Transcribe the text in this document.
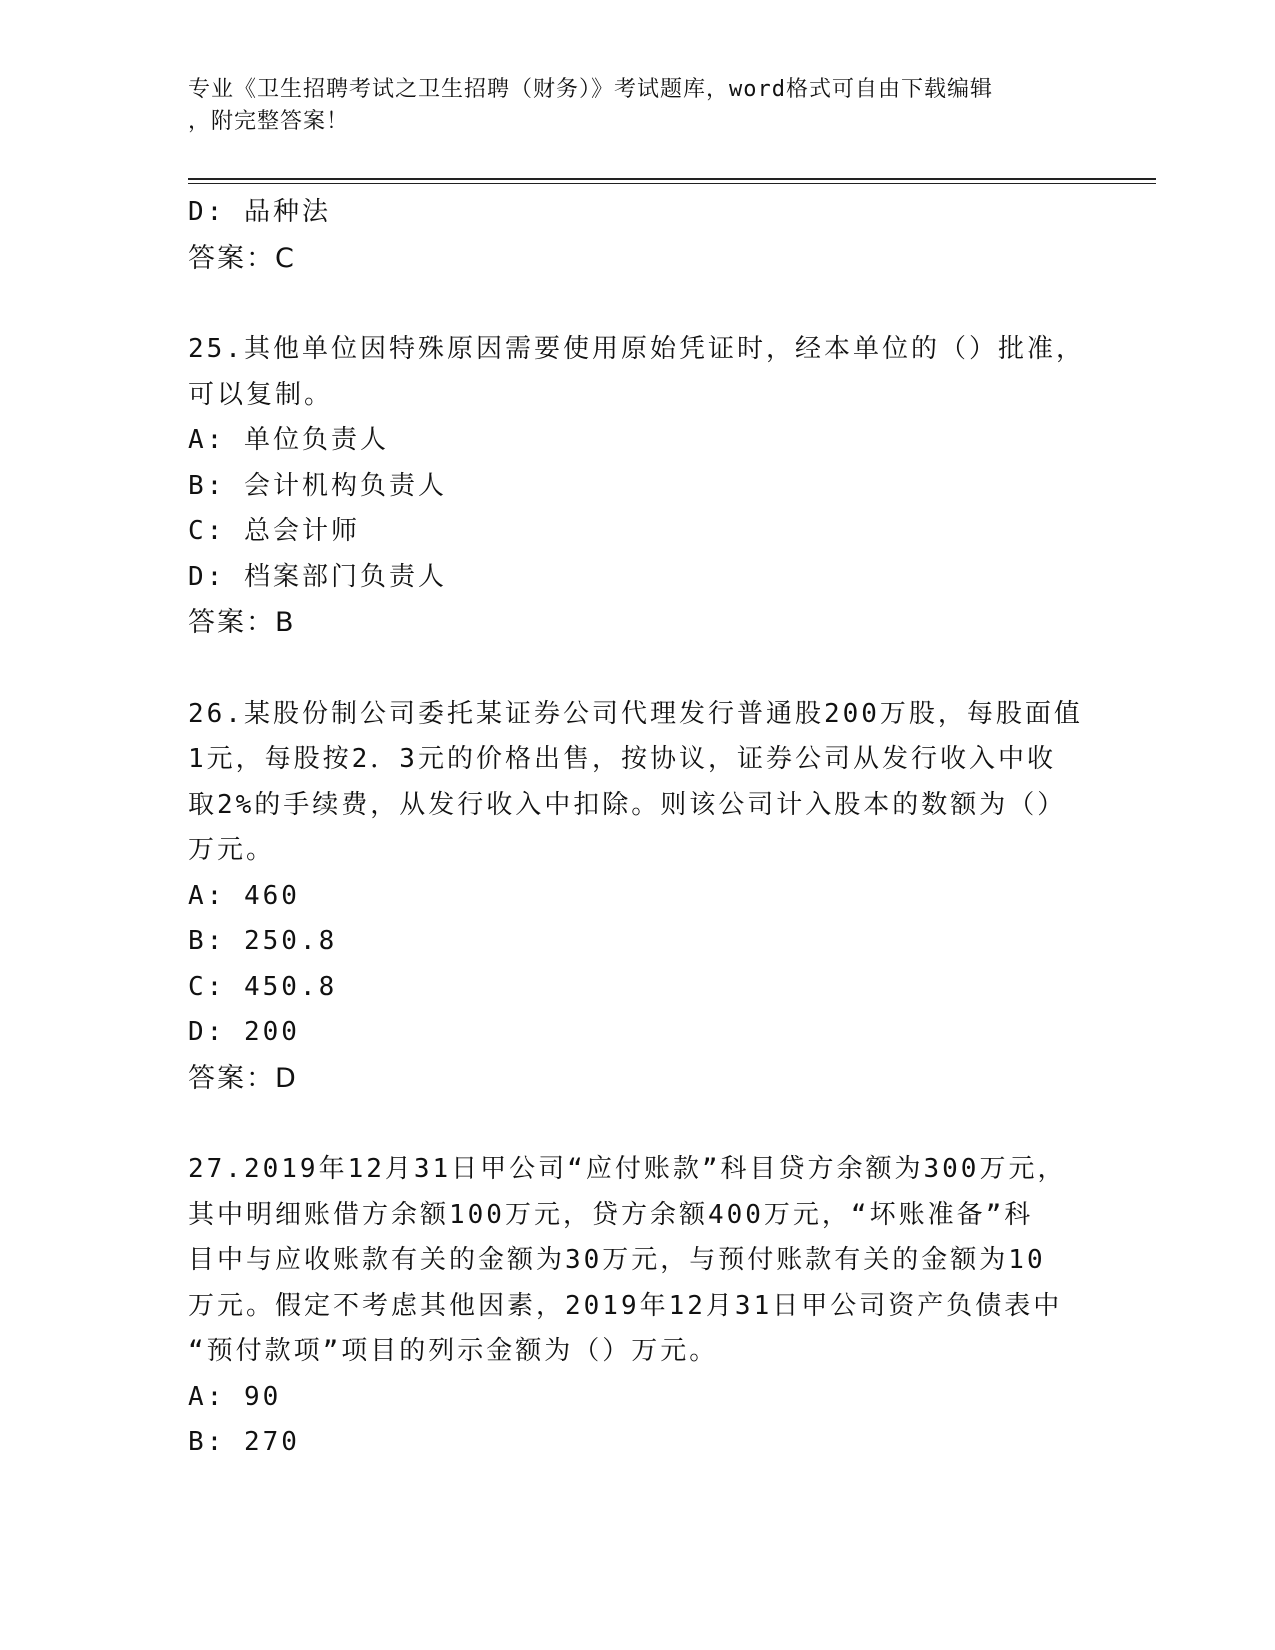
专业《卫生招聘考试之卫生招聘（财务）》考试题库，word格式可自由下载编辑
，附完整答案！
D: 品种法
答案：C
25.其他单位因特殊原因需要使用原始凭证时，经本单位的（）批准，
可以复制。
A: 单位负责人
B: 会计机构负责人
C: 总会计师
D: 档案部门负责人
答案：B
26.某股份制公司委托某证券公司代理发行普通股200万股，每股面值
1元，每股按2．3元的价格出售，按协议，证券公司从发行收入中收
取2%的手续费，从发行收入中扣除。则该公司计入股本的数额为（）
万元。
A: 460
B: 250.8
C: 450.8
D: 200
答案：D
27.2019年12月31日甲公司“应付账款”科目贷方余额为300万元，
其中明细账借方余额100万元，贷方余额400万元，“坏账准备”科
目中与应收账款有关的金额为30万元，与预付账款有关的金额为10
万元。假定不考虑其他因素，2019年12月31日甲公司资产负债表中
“预付款项”项目的列示金额为（）万元。
A: 90
B: 270
